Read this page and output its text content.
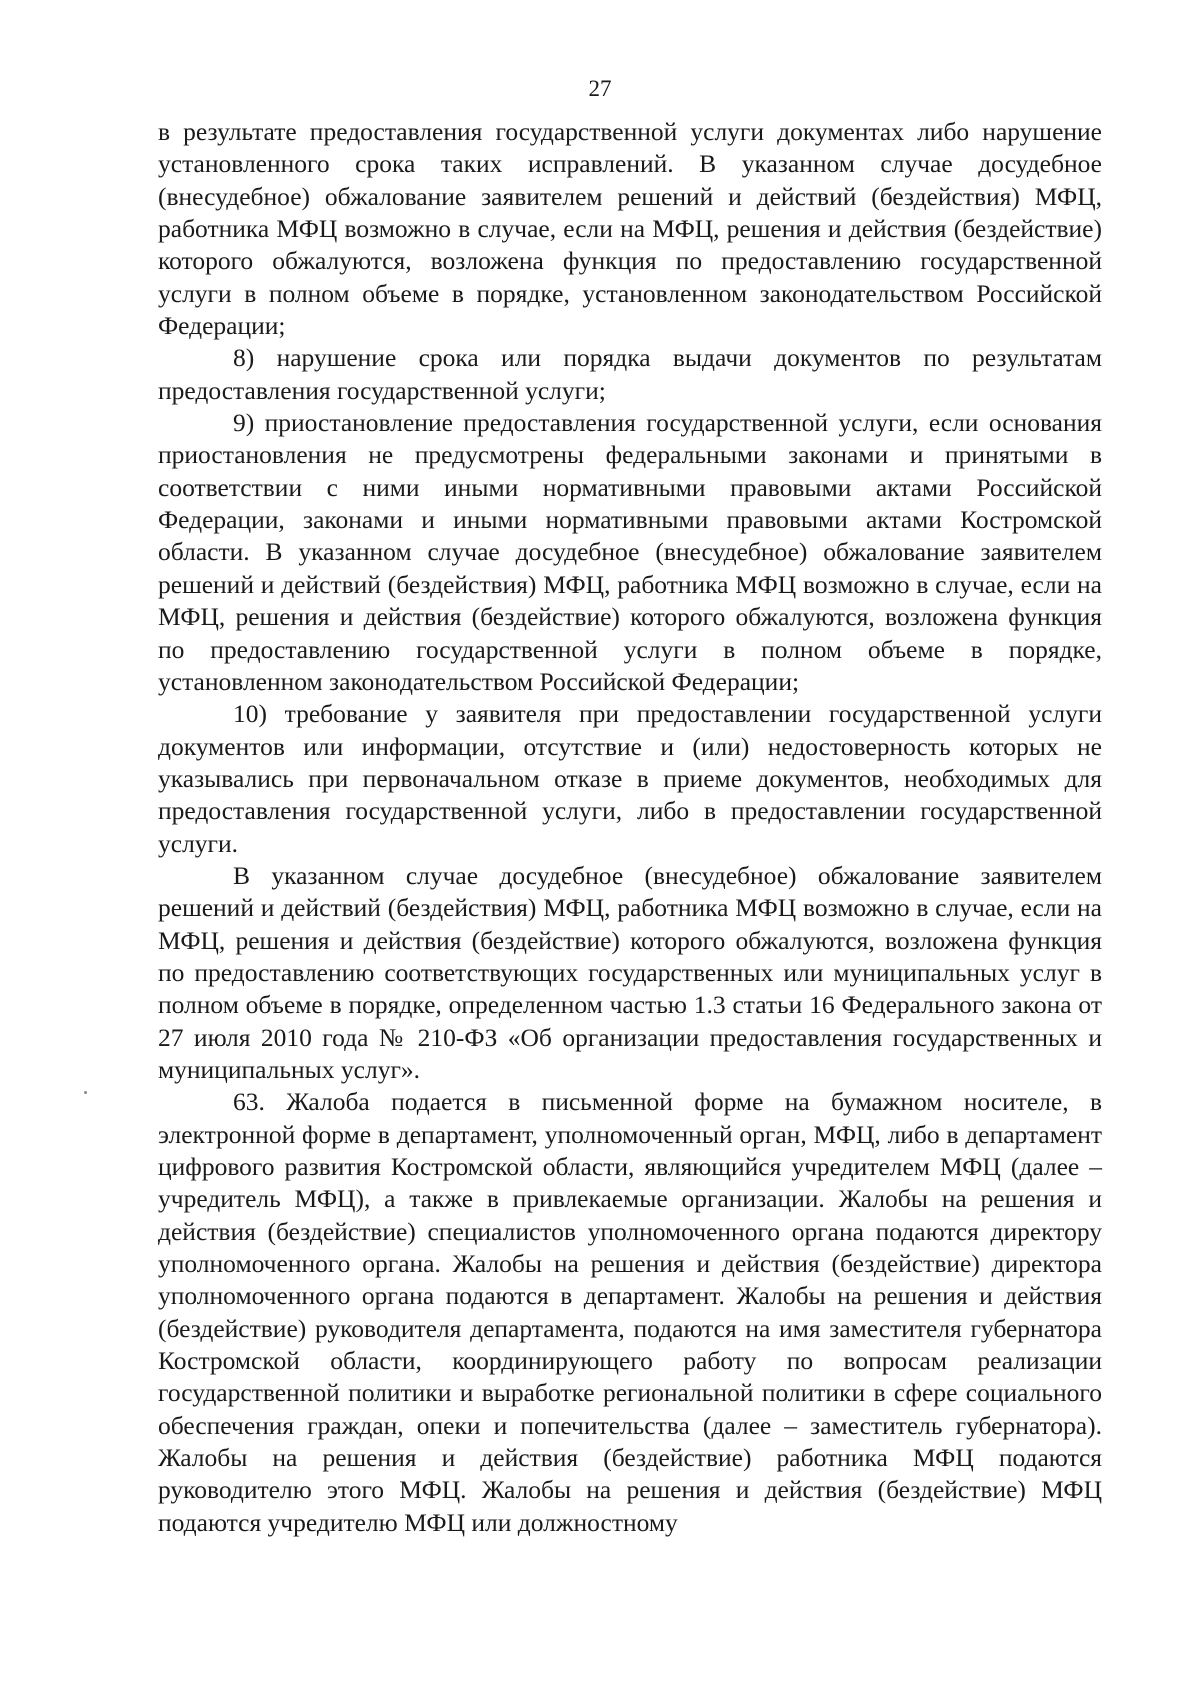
27

в результате предоставления государственной услуги документах либо нарушение установленного срока таких исправлений. В указанном случае досудебное (внесудебное) обжалование заявителем решений и действий (бездействия) МФЦ, работника МФЦ возможно в случае, если на МФЦ, решения и действия (бездействие) которого обжалуются, возложена функция по предоставлению государственной услуги в полном объеме в порядке, установленном законодательством Российской Федерации;

8) нарушение срока или порядка выдачи документов по результатам предоставления государственной услуги;

9) приостановление предоставления государственной услуги, если основания приостановления не предусмотрены федеральными законами и принятыми в соответствии с ними иными нормативными правовыми актами Российской Федерации, законами и иными нормативными правовыми актами Костромской области. В указанном случае досудебное (внесудебное) обжалование заявителем решений и действий (бездействия) МФЦ, работника МФЦ возможно в случае, если на МФЦ, решения и действия (бездействие) которого обжалуются, возложена функция по предоставлению государственной услуги в полном объеме в порядке, установленном законодательством Российской Федерации;

10) требование у заявителя при предоставлении государственной услуги документов или информации, отсутствие и (или) недостоверность которых не указывались при первоначальном отказе в приеме документов, необходимых для предоставления государственной услуги, либо в предоставлении государственной услуги.

В указанном случае досудебное (внесудебное) обжалование заявителем решений и действий (бездействия) МФЦ, работника МФЦ возможно в случае, если на МФЦ, решения и действия (бездействие) которого обжалуются, возложена функция по предоставлению соответствующих государственных или муниципальных услуг в полном объеме в порядке, определенном частью 1.3 статьи 16 Федерального закона от 27 июля 2010 года № 210-ФЗ «Об организации предоставления государственных и муниципальных услуг».

63. Жалоба подается в письменной форме на бумажном носителе, в электронной форме в департамент, уполномоченный орган, МФЦ, либо в департамент цифрового развития Костромской области, являющийся учредителем МФЦ (далее – учредитель МФЦ), а также в привлекаемые организации. Жалобы на решения и действия (бездействие) специалистов уполномоченного органа подаются директору уполномоченного органа. Жалобы на решения и действия (бездействие) директора уполномоченного органа подаются в департамент. Жалобы на решения и действия (бездействие) руководителя департамента, подаются на имя заместителя губернатора Костромской области, координирующего работу по вопросам реализации государственной политики и выработке региональной политики в сфере социального обеспечения граждан, опеки и попечительства (далее – заместитель губернатора). Жалобы на решения и действия (бездействие) работника МФЦ подаются руководителю этого МФЦ. Жалобы на решения и действия (бездействие) МФЦ подаются учредителю МФЦ или должностному
